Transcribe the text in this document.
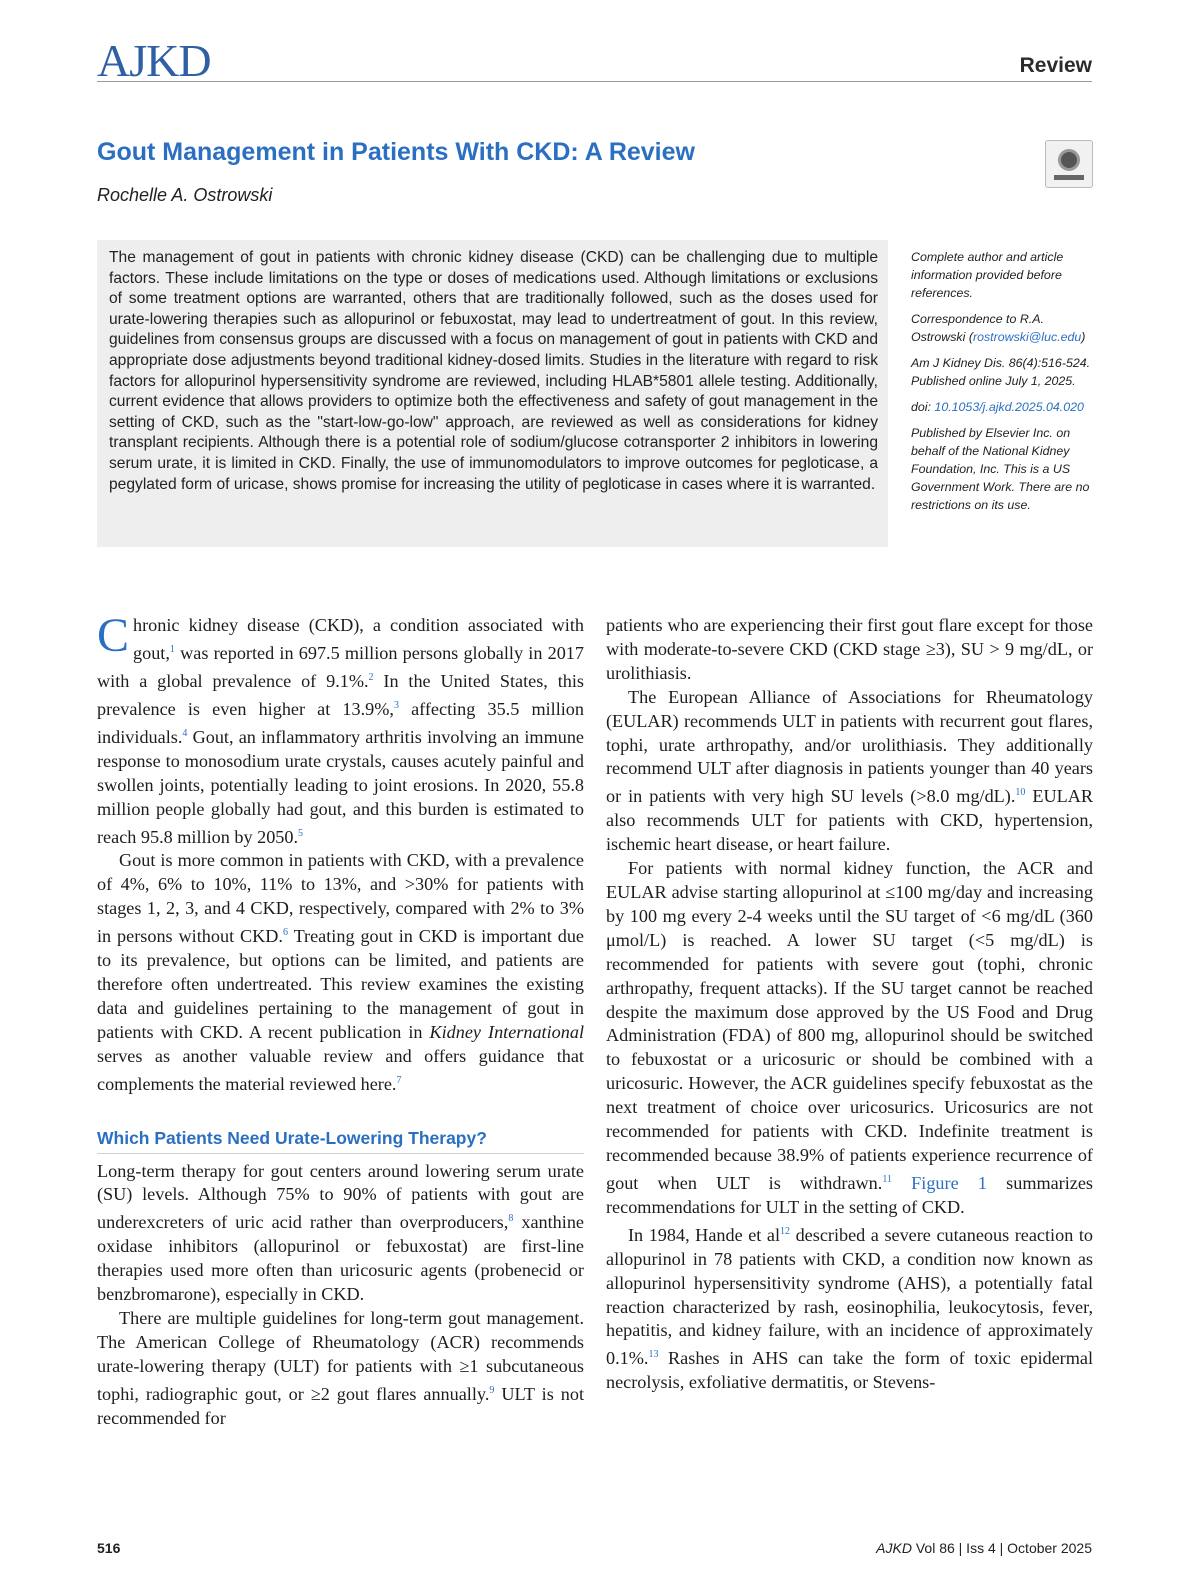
AJKD	Review
Gout Management in Patients With CKD: A Review

Rochelle A. Ostrowski

The management of gout in patients with chronic kidney disease (CKD) can be challenging due to multiple factors. These include limitations on the type or doses of medications used. Although limitations or exclusions of some treatment options are warranted, others that are traditionally followed, such as the doses used for urate-lowering therapies such as allopurinol or febuxostat, may lead to undertreatment of gout. In this review, guidelines from consensus groups are discussed with a focus on management of gout in patients with CKD and appropriate dose adjustments beyond traditional kidney-dosed limits. Studies in the literature with regard to risk factors for allopurinol hypersensitivity syndrome are reviewed, including HLAB*5801 allele testing. Additionally, current evidence that allows providers to optimize both the effectiveness and safety of gout management in the setting of CKD, such as the "start-low-go-low" approach, are reviewed as well as considerations for kidney transplant recipients. Although there is a potential role of sodium/glucose cotransporter 2 inhibitors in lowering serum urate, it is limited in CKD. Finally, the use of immunomodulators to improve outcomes for pegloticase, a pegylated form of uricase, shows promise for increasing the utility of pegloticase in cases where it is warranted.

Complete author and article information provided before references.

Correspondence to R.A. Ostrowski (rostrowski@luc.edu)

Am J Kidney Dis. 86(4):516-524. Published online July 1, 2025.

doi: 10.1053/j.ajkd.2025.04.020

Published by Elsevier Inc. on behalf of the National Kidney Foundation, Inc. This is a US Government Work. There are no restrictions on its use.

Chronic kidney disease (CKD), a condition associated with gout,$^1$ was reported in 697.5 million persons globally in 2017 with a global prevalence of 9.1%.$^2$ In the United States, this prevalence is even higher at 13.9%,$^3$ affecting 35.5 million individuals.$^4$ Gout, an inflammatory arthritis involving an immune response to monosodium urate crystals, causes acutely painful and swollen joints, potentially leading to joint erosions. In 2020, 55.8 million people globally had gout, and this burden is estimated to reach 95.8 million by 2050.$^5$

Gout is more common in patients with CKD, with a prevalence of 4%, 6% to 10%, 11% to 13%, and >30% for patients with stages 1, 2, 3, and 4 CKD, respectively, compared with 2% to 3% in persons without CKD.$^6$ Treating gout in CKD is important due to its prevalence, but options can be limited, and patients are therefore often undertreated. This review examines the existing data and guidelines pertaining to the management of gout in patients with CKD. A recent publication in Kidney International serves as another valuable review and offers guidance that complements the material reviewed here.$^7$

Which Patients Need Urate-Lowering Therapy?

Long-term therapy for gout centers around lowering serum urate (SU) levels. Although 75% to 90% of patients with gout are underexcreters of uric acid rather than overproducers,$^8$ xanthine oxidase inhibitors (allopurinol or febuxostat) are first-line therapies used more often than uricosuric agents (probenecid or benzbromarone), especially in CKD.

There are multiple guidelines for long-term gout management. The American College of Rheumatology (ACR) recommends urate-lowering therapy (ULT) for patients with ≥1 subcutaneous tophi, radiographic gout, or ≥2 gout flares annually.$^9$ ULT is not recommended for

patients who are experiencing their first gout flare except for those with moderate-to-severe CKD (CKD stage ≥3), SU > 9 mg/dL, or urolithiasis.

The European Alliance of Associations for Rheumatology (EULAR) recommends ULT in patients with recurrent gout flares, tophi, urate arthropathy, and/or urolithiasis. They additionally recommend ULT after diagnosis in patients younger than 40 years or in patients with very high SU levels (>8.0 mg/dL).$^{10}$ EULAR also recommends ULT for patients with CKD, hypertension, ischemic heart disease, or heart failure.

For patients with normal kidney function, the ACR and EULAR advise starting allopurinol at ≤100 mg/day and increasing by 100 mg every 2-4 weeks until the SU target of <6 mg/dL (360 μmol/L) is reached. A lower SU target (<5 mg/dL) is recommended for patients with severe gout (tophi, chronic arthropathy, frequent attacks). If the SU target cannot be reached despite the maximum dose approved by the US Food and Drug Administration (FDA) of 800 mg, allopurinol should be switched to febuxostat or a uricosuric or should be combined with a uricosuric. However, the ACR guidelines specify febuxostat as the next treatment of choice over uricosurics. Uricosurics are not recommended for patients with CKD. Indefinite treatment is recommended because 38.9% of patients experience recurrence of gout when ULT is withdrawn.$^{11}$ Figure 1 summarizes recommendations for ULT in the setting of CKD.

In 1984, Hande et $al^{12}$ described a severe cutaneous reaction to allopurinol in 78 patients with CKD, a condition now known as allopurinol hypersensitivity syndrome (AHS), a potentially fatal reaction characterized by rash, eosinophilia, leukocytosis, fever, hepatitis, and kidney failure, with an incidence of approximately 0.1%.$^{13}$ Rashes in AHS can take the form of toxic epidermal necrolysis, exfoliative dermatitis, or Stevens-

516	AJKD Vol 86 | Iss 4 | October 2025
